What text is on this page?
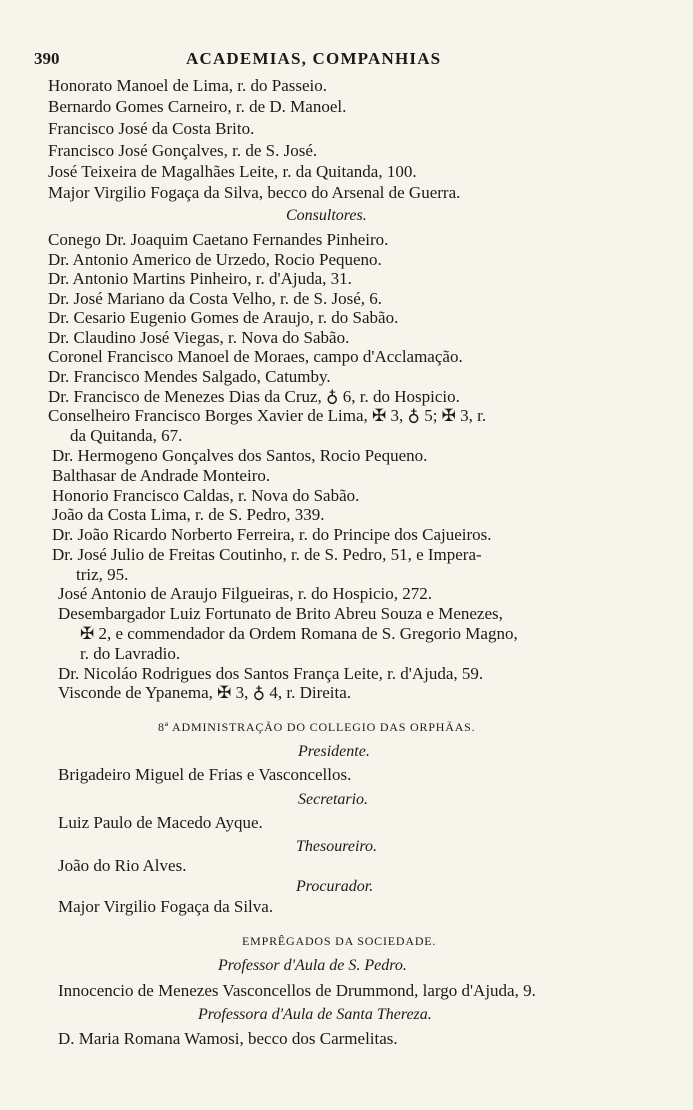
390	ACADEMIAS, COMPANHIAS
Honorato Manoel de Lima, r. do Passeio.
Bernardo Gomes Carneiro, r. de D. Manoel.
Francisco José da Costa Brito.
Francisco José Gonçalves, r. de S. José.
José Teixeira de Magalhães Leite, r. da Quitanda, 100.
Major Virgilio Fogaça da Silva, becco do Arsenal de Guerra.
Consultores.
Conego Dr. Joaquim Caetano Fernandes Pinheiro.
Dr. Antonio Americo de Urzedo, Rocio Pequeno.
Dr. Antonio Martins Pinheiro, r. d'Ajuda, 31.
Dr. José Mariano da Costa Velho, r. de S. José, 6.
Dr. Cesario Eugenio Gomes de Araujo, r. do Sabão.
Dr. Claudino José Viegas, r. Nova do Sabão.
Coronel Francisco Manoel de Moraes, campo d'Acclamação.
Dr. Francisco Mendes Salgado, Catumby.
Dr. Francisco de Menezes Dias da Cruz, ♁ 6, r. do Hospicio.
Conselheiro Francisco Borges Xavier de Lima, ✠ 3, ♁ 5; ✠ 3, r.
da Quitanda, 67.
Dr. Hermogeno Gonçalves dos Santos, Rocio Pequeno.
Balthasar de Andrade Monteiro.
Honorio Francisco Caldas, r. Nova do Sabão.
João da Costa Lima, r. de S. Pedro, 339.
Dr. João Ricardo Norberto Ferreira, r. do Principe dos Cajueiros.
Dr. José Julio de Freitas Coutinho, r. de S. Pedro, 51, e Impera-
triz, 95.
José Antonio de Araujo Filgueiras, r. do Hospicio, 272.
Desembargador Luiz Fortunato de Brito Abreu Souza e Menezes,
✠ 2, e commendador da Ordem Romana de S. Gregorio Magno,
r. do Lavradio.
Dr. Nicoláo Rodrigues dos Santos França Leite, r. d'Ajuda, 59.
Visconde de Ypanema, ✠ 3, ♁ 4, r. Direita.
8ª ADMINISTRAÇÃO DO COLLEGIO DAS ORPHÃAS.
Presidente.
Brigadeiro Miguel de Frias e Vasconcellos.
Secretario.
Luiz Paulo de Macedo Ayque.
Thesoureiro.
João do Rio Alves.
Procurador.
Major Virgilio Fogaça da Silva.
EMPRÊGADOS DA SOCIEDADE.
Professor d'Aula de S. Pedro.
Innocencio de Menezes Vasconcellos de Drummond, largo d'Ajuda, 9.
Professora d'Aula de Santa Thereza.
D. Maria Romana Wamosi, becco dos Carmelitas.
